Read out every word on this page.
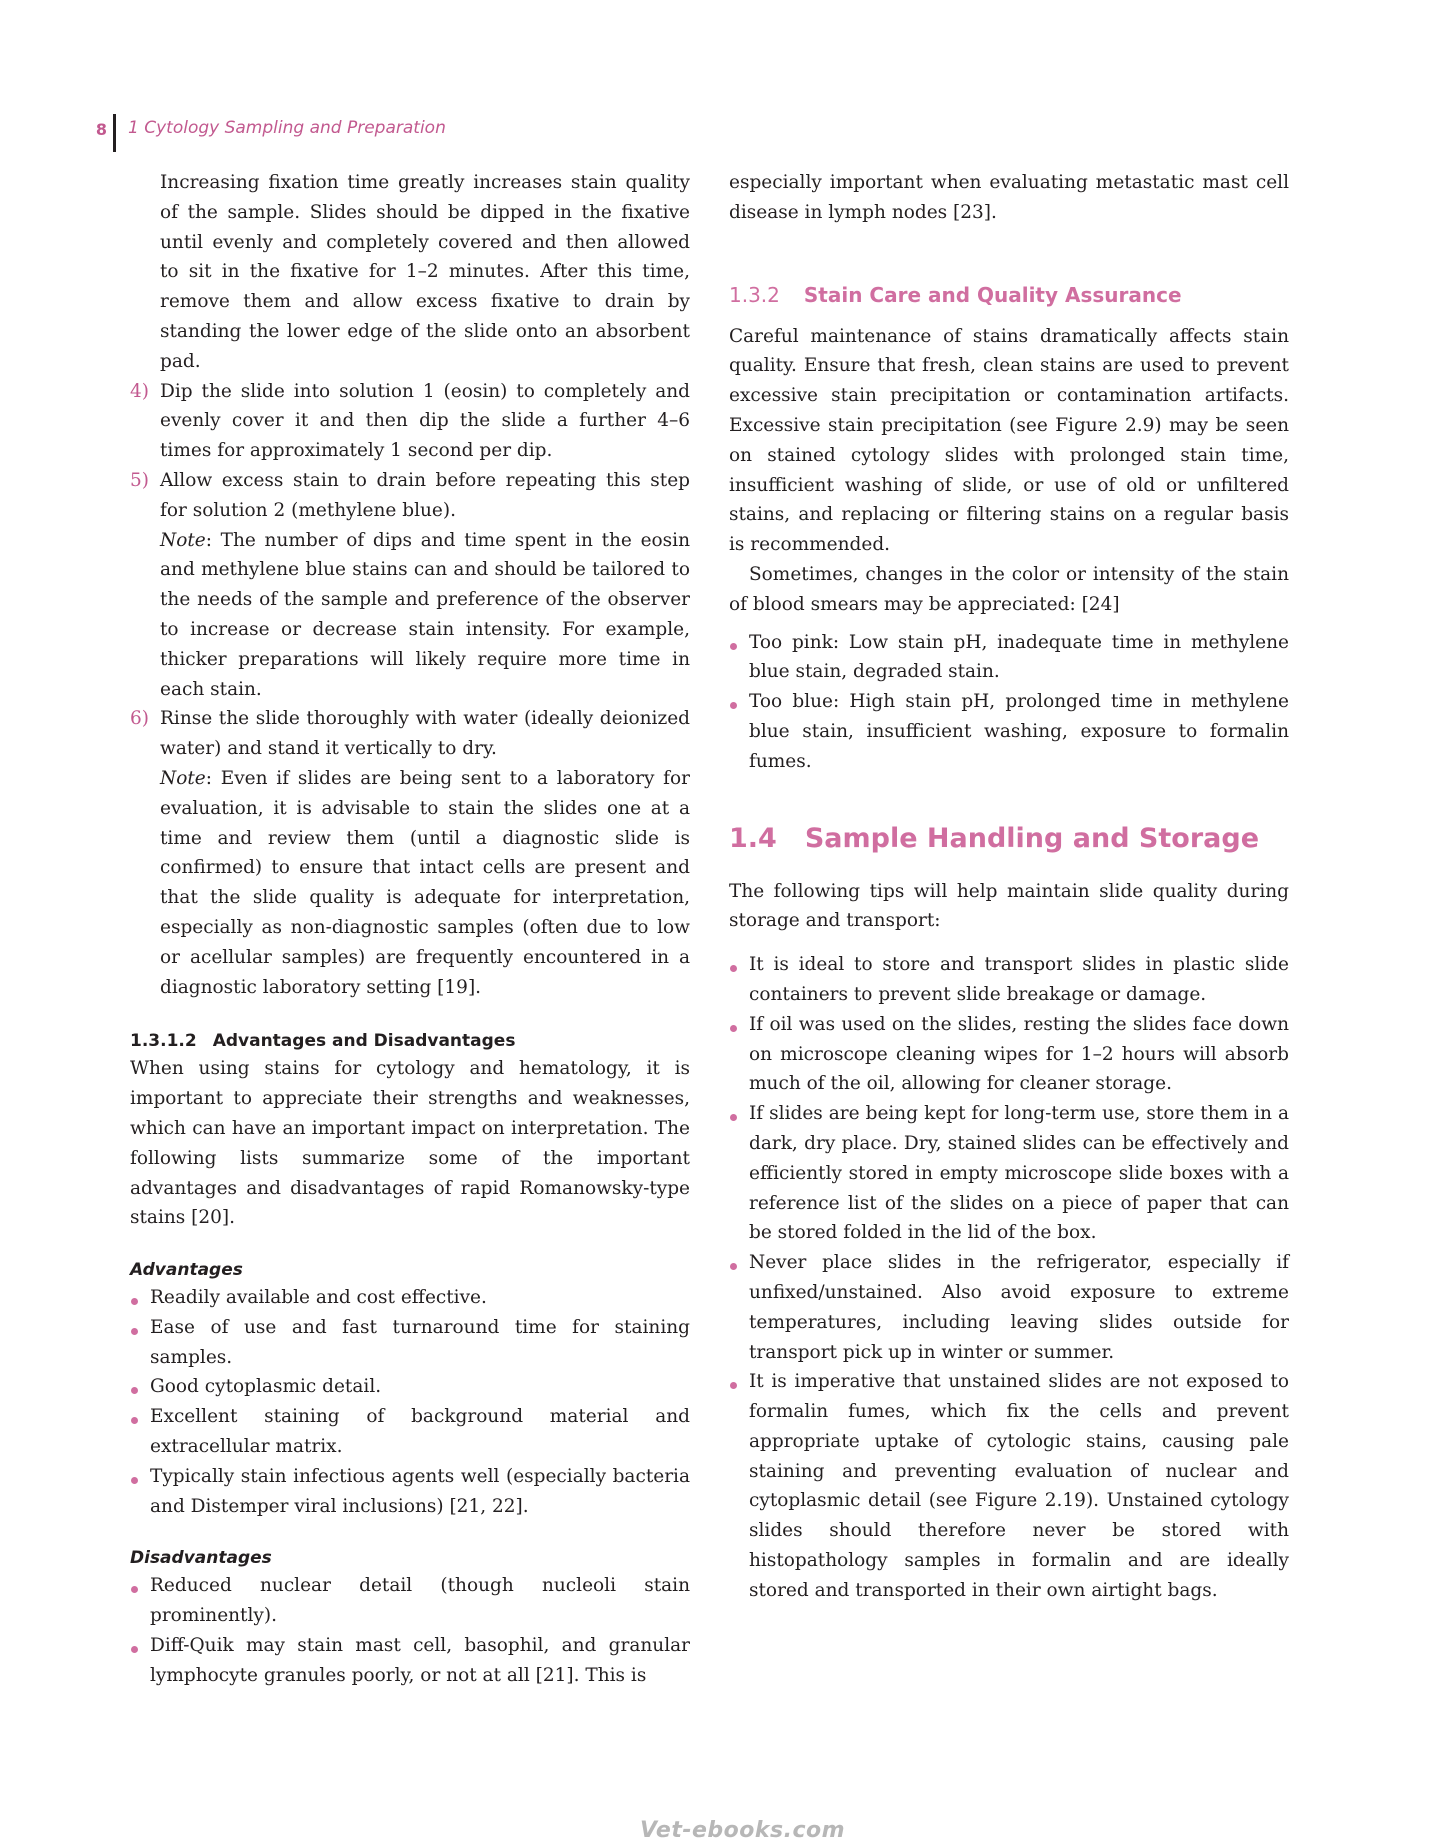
8 1 Cytology Sampling and Preparation

Increasing fixation time greatly increases stain quality of the sample. Slides should be dipped in the fixative until evenly and completely covered and then allowed to sit in the fixative for 1–2 minutes. After this time, remove them and allow excess fixative to drain by standing the lower edge of the slide onto an absorbent pad.

4) Dip the slide into solution 1 (eosin) to completely and evenly cover it and then dip the slide a further 4–6 times for approximately 1 second per dip.

5) Allow excess stain to drain before repeating this step for solution 2 (methylene blue).

Note: The number of dips and time spent in the eosin and methylene blue stains can and should be tailored to the needs of the sample and preference of the observer to increase or decrease stain intensity. For example, thicker preparations will likely require more time in each stain.

6) Rinse the slide thoroughly with water (ideally deionized water) and stand it vertically to dry.

Note: Even if slides are being sent to a laboratory for evaluation, it is advisable to stain the slides one at a time and review them (until a diagnostic slide is confirmed) to ensure that intact cells are present and that the slide quality is adequate for interpretation, especially as non-diagnostic samples (often due to low or acellular samples) are frequently encountered in a diagnostic laboratory setting [19].

1.3.1.2 Advantages and Disadvantages

When using stains for cytology and hematology, it is important to appreciate their strengths and weaknesses, which can have an important impact on interpretation. The following lists summarize some of the important advantages and disadvantages of rapid Romanowsky-type stains [20].

Advantages
Readily available and cost effective.
Ease of use and fast turnaround time for staining samples.
Good cytoplasmic detail.
Excellent staining of background material and extracellular matrix.
Typically stain infectious agents well (especially bacteria and Distemper viral inclusions) [21, 22].
Disadvantages
Reduced nuclear detail (though nucleoli stain prominently).
Diff-Quik may stain mast cell, basophil, and granular lymphocyte granules poorly, or not at all [21]. This is

especially important when evaluating metastatic mast cell disease in lymph nodes [23].

1.3.2 Stain Care and Quality Assurance

Careful maintenance of stains dramatically affects stain quality. Ensure that fresh, clean stains are used to prevent excessive stain precipitation or contamination artifacts. Excessive stain precipitation (see Figure 2.9) may be seen on stained cytology slides with prolonged stain time, insufficient washing of slide, or use of old or unfiltered stains, and replacing or filtering stains on a regular basis is recommended.

Sometimes, changes in the color or intensity of the stain of blood smears may be appreciated: [24]

Too pink: Low stain pH, inadequate time in methylene blue stain, degraded stain.
Too blue: High stain pH, prolonged time in methylene blue stain, insufficient washing, exposure to formalin fumes.
1.4 Sample Handling and Storage

The following tips will help maintain slide quality during storage and transport:

It is ideal to store and transport slides in plastic slide containers to prevent slide breakage or damage.
If oil was used on the slides, resting the slides face down on microscope cleaning wipes for 1–2 hours will absorb much of the oil, allowing for cleaner storage.
If slides are being kept for long-term use, store them in a dark, dry place. Dry, stained slides can be effectively and efficiently stored in empty microscope slide boxes with a reference list of the slides on a piece of paper that can be stored folded in the lid of the box.
Never place slides in the refrigerator, especially if unfixed/unstained. Also avoid exposure to extreme temperatures, including leaving slides outside for transport pick up in winter or summer.
It is imperative that unstained slides are not exposed to formalin fumes, which fix the cells and prevent appropriate uptake of cytologic stains, causing pale staining and preventing evaluation of nuclear and cytoplasmic detail (see Figure 2.19). Unstained cytology slides should therefore never be stored with histopathology samples in formalin and are ideally stored and transported in their own airtight bags.
Vet-ebooks.com
